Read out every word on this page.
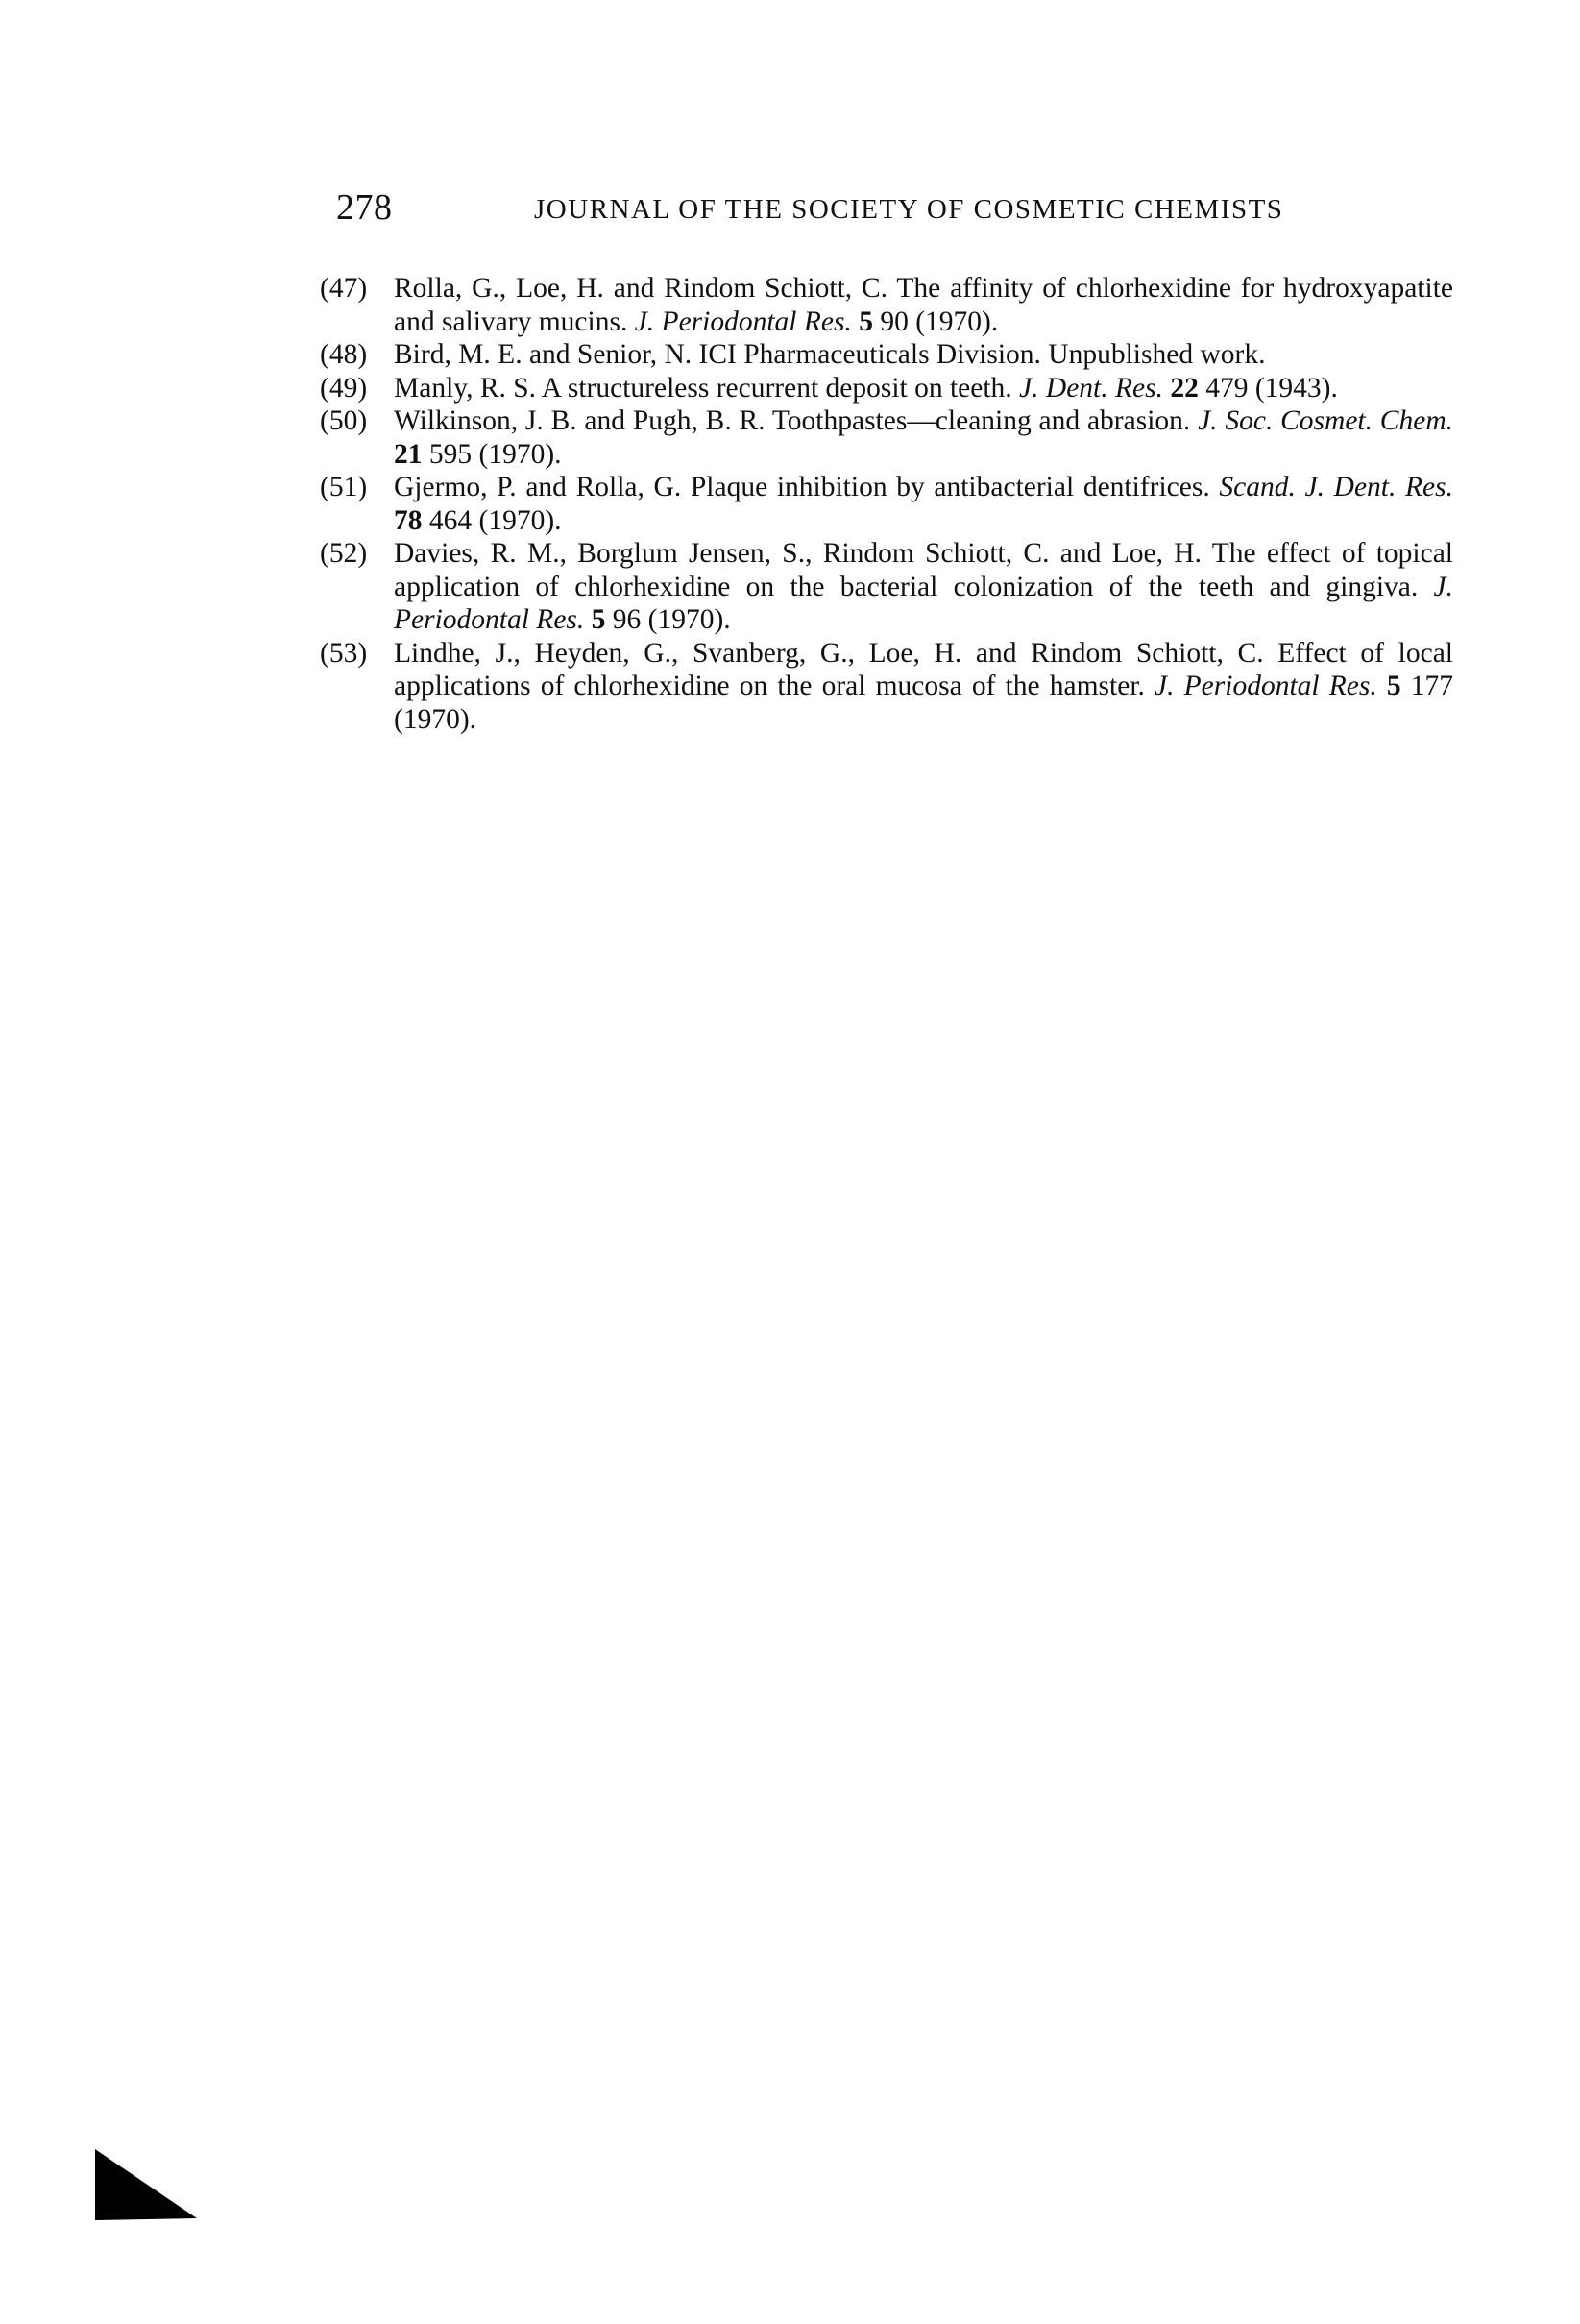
278	JOURNAL OF THE SOCIETY OF COSMETIC CHEMISTS
(47) Rolla, G., Loe, H. and Rindom Schiott, C. The affinity of chlorhexidine for hydroxyapatite and salivary mucins. J. Periodontal Res. 5 90 (1970).
(48) Bird, M. E. and Senior, N. ICI Pharmaceuticals Division. Unpublished work.
(49) Manly, R. S. A structureless recurrent deposit on teeth. J. Dent. Res. 22 479 (1943).
(50) Wilkinson, J. B. and Pugh, B. R. Toothpastes—cleaning and abrasion. J. Soc. Cosmet. Chem. 21 595 (1970).
(51) Gjermo, P. and Rolla, G. Plaque inhibition by antibacterial dentifrices. Scand. J. Dent. Res. 78 464 (1970).
(52) Davies, R. M., Borglum Jensen, S., Rindom Schiott, C. and Loe, H. The effect of topical application of chlorhexidine on the bacterial colonization of the teeth and gingiva. J. Periodontal Res. 5 96 (1970).
(53) Lindhe, J., Heyden, G., Svanberg, G., Loe, H. and Rindom Schiott, C. Effect of local applications of chlorhexidine on the oral mucosa of the hamster. J. Periodontal Res. 5 177 (1970).
